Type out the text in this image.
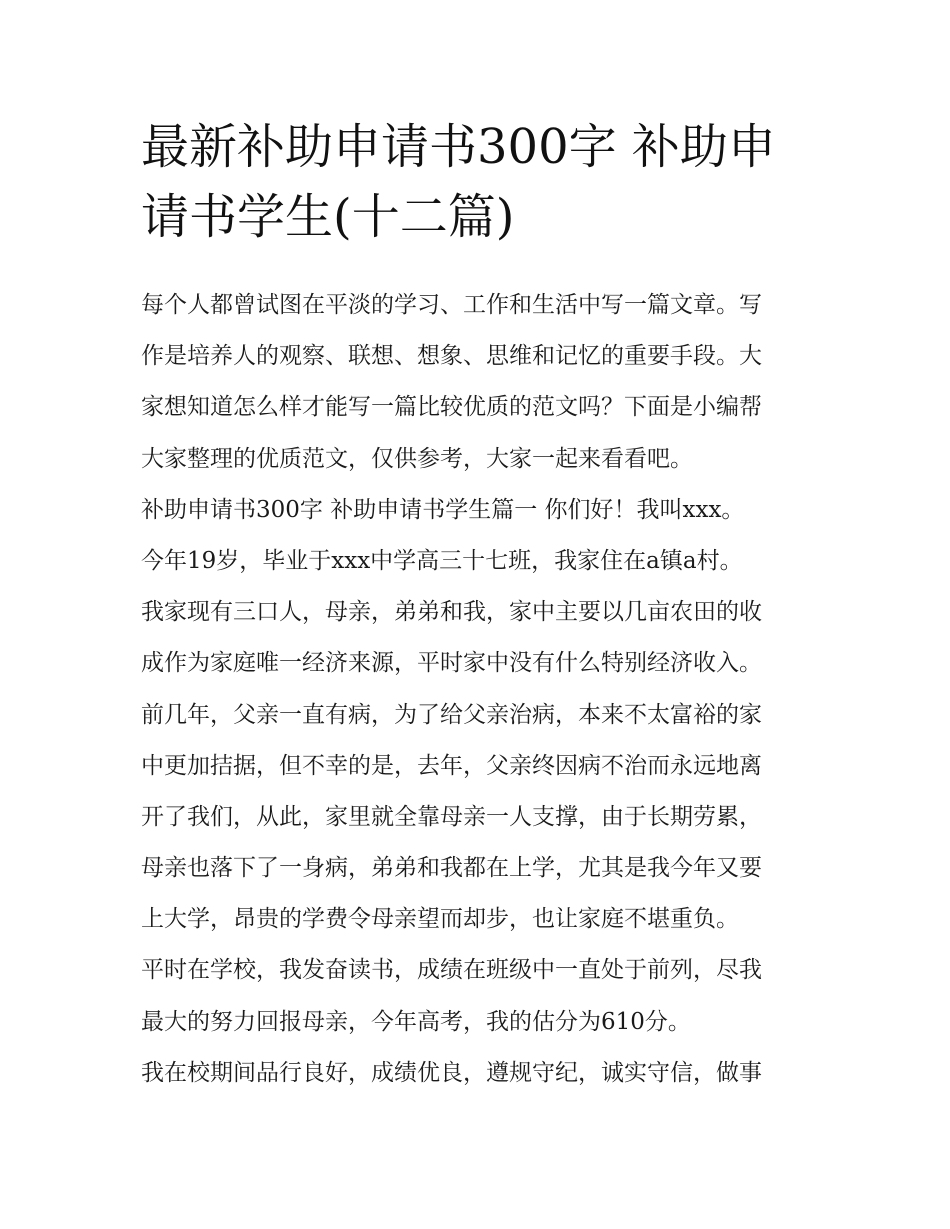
最新补助申请书300字 补助申
请书学生(十二篇)

每个人都曾试图在平淡的学习、工作和生活中写一篇文章。写
作是培养人的观察、联想、想象、思维和记忆的重要手段。大
家想知道怎么样才能写一篇比较优质的范文吗？下面是小编帮
大家整理的优质范文，仅供参考，大家一起来看看吧。
补助申请书300字 补助申请书学生篇一 你们好！我叫xxx。
今年19岁，毕业于xxx中学高三十七班，我家住在a镇a村。
我家现有三口人，母亲，弟弟和我，家中主要以几亩农田的收
成作为家庭唯一经济来源，平时家中没有什么特别经济收入。
前几年，父亲一直有病，为了给父亲治病，本来不太富裕的家
中更加拮据，但不幸的是，去年，父亲终因病不治而永远地离
开了我们，从此，家里就全靠母亲一人支撑，由于长期劳累，
母亲也落下了一身病，弟弟和我都在上学，尤其是我今年又要
上大学，昂贵的学费令母亲望而却步，也让家庭不堪重负。
平时在学校，我发奋读书，成绩在班级中一直处于前列，尽我
最大的努力回报母亲，今年高考，我的估分为610分。
我在校期间品行良好，成绩优良，遵规守纪，诚实守信，做事
